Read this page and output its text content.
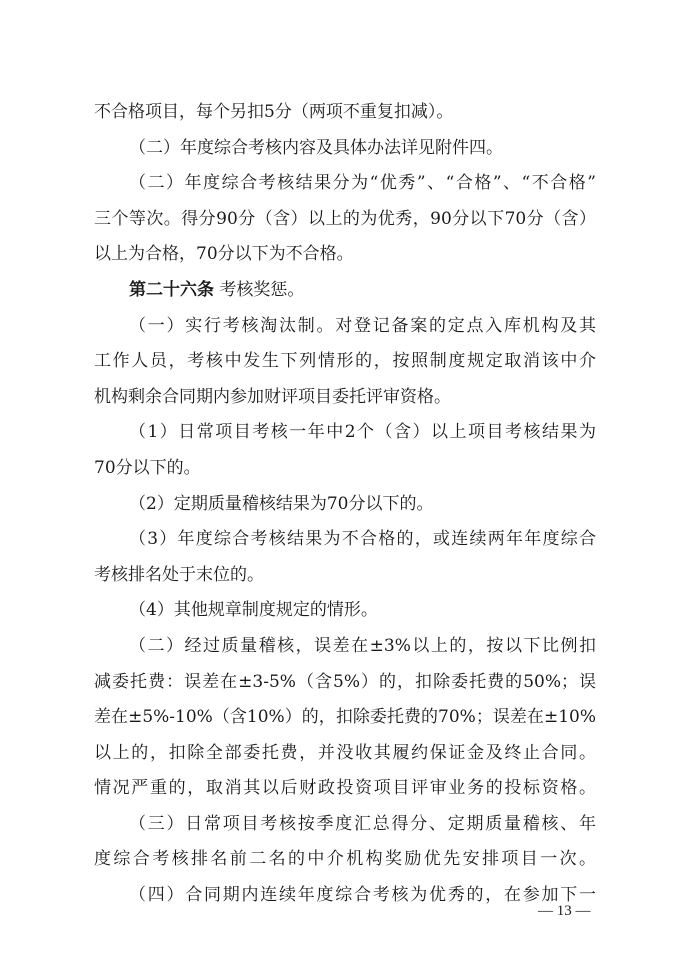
不合格项目，每个另扣5分（两项不重复扣减）。
（二）年度综合考核内容及具体办法详见附件四。
（二）年度综合考核结果分为“优秀”、“合格”、“不合格”
三个等次。得分90分（含）以上的为优秀，90分以下70分（含）
以上为合格，70分以下为不合格。
第二十六条 考核奖惩。
（一）实行考核淘汰制。对登记备案的定点入库机构及其
工作人员，考核中发生下列情形的，按照制度规定取消该中介
机构剩余合同期内参加财评项目委托评审资格。
（1）日常项目考核一年中2个（含）以上项目考核结果为
70分以下的。
（2）定期质量稽核结果为70分以下的。
（3）年度综合考核结果为不合格的，或连续两年年度综合
考核排名处于末位的。
（4）其他规章制度规定的情形。
（二）经过质量稽核，误差在±3%以上的，按以下比例扣
减委托费：误差在±3-5%（含5%）的，扣除委托费的50%；误
差在±5%-10%（含10%）的，扣除委托费的70%；误差在±10%
以上的，扣除全部委托费，并没收其履约保证金及终止合同。
情况严重的，取消其以后财政投资项目评审业务的投标资格。
（三）日常项目考核按季度汇总得分、定期质量稽核、年
度综合考核排名前二名的中介机构奖励优先安排项目一次。
（四）合同期内连续年度综合考核为优秀的，在参加下一
— 13 —
